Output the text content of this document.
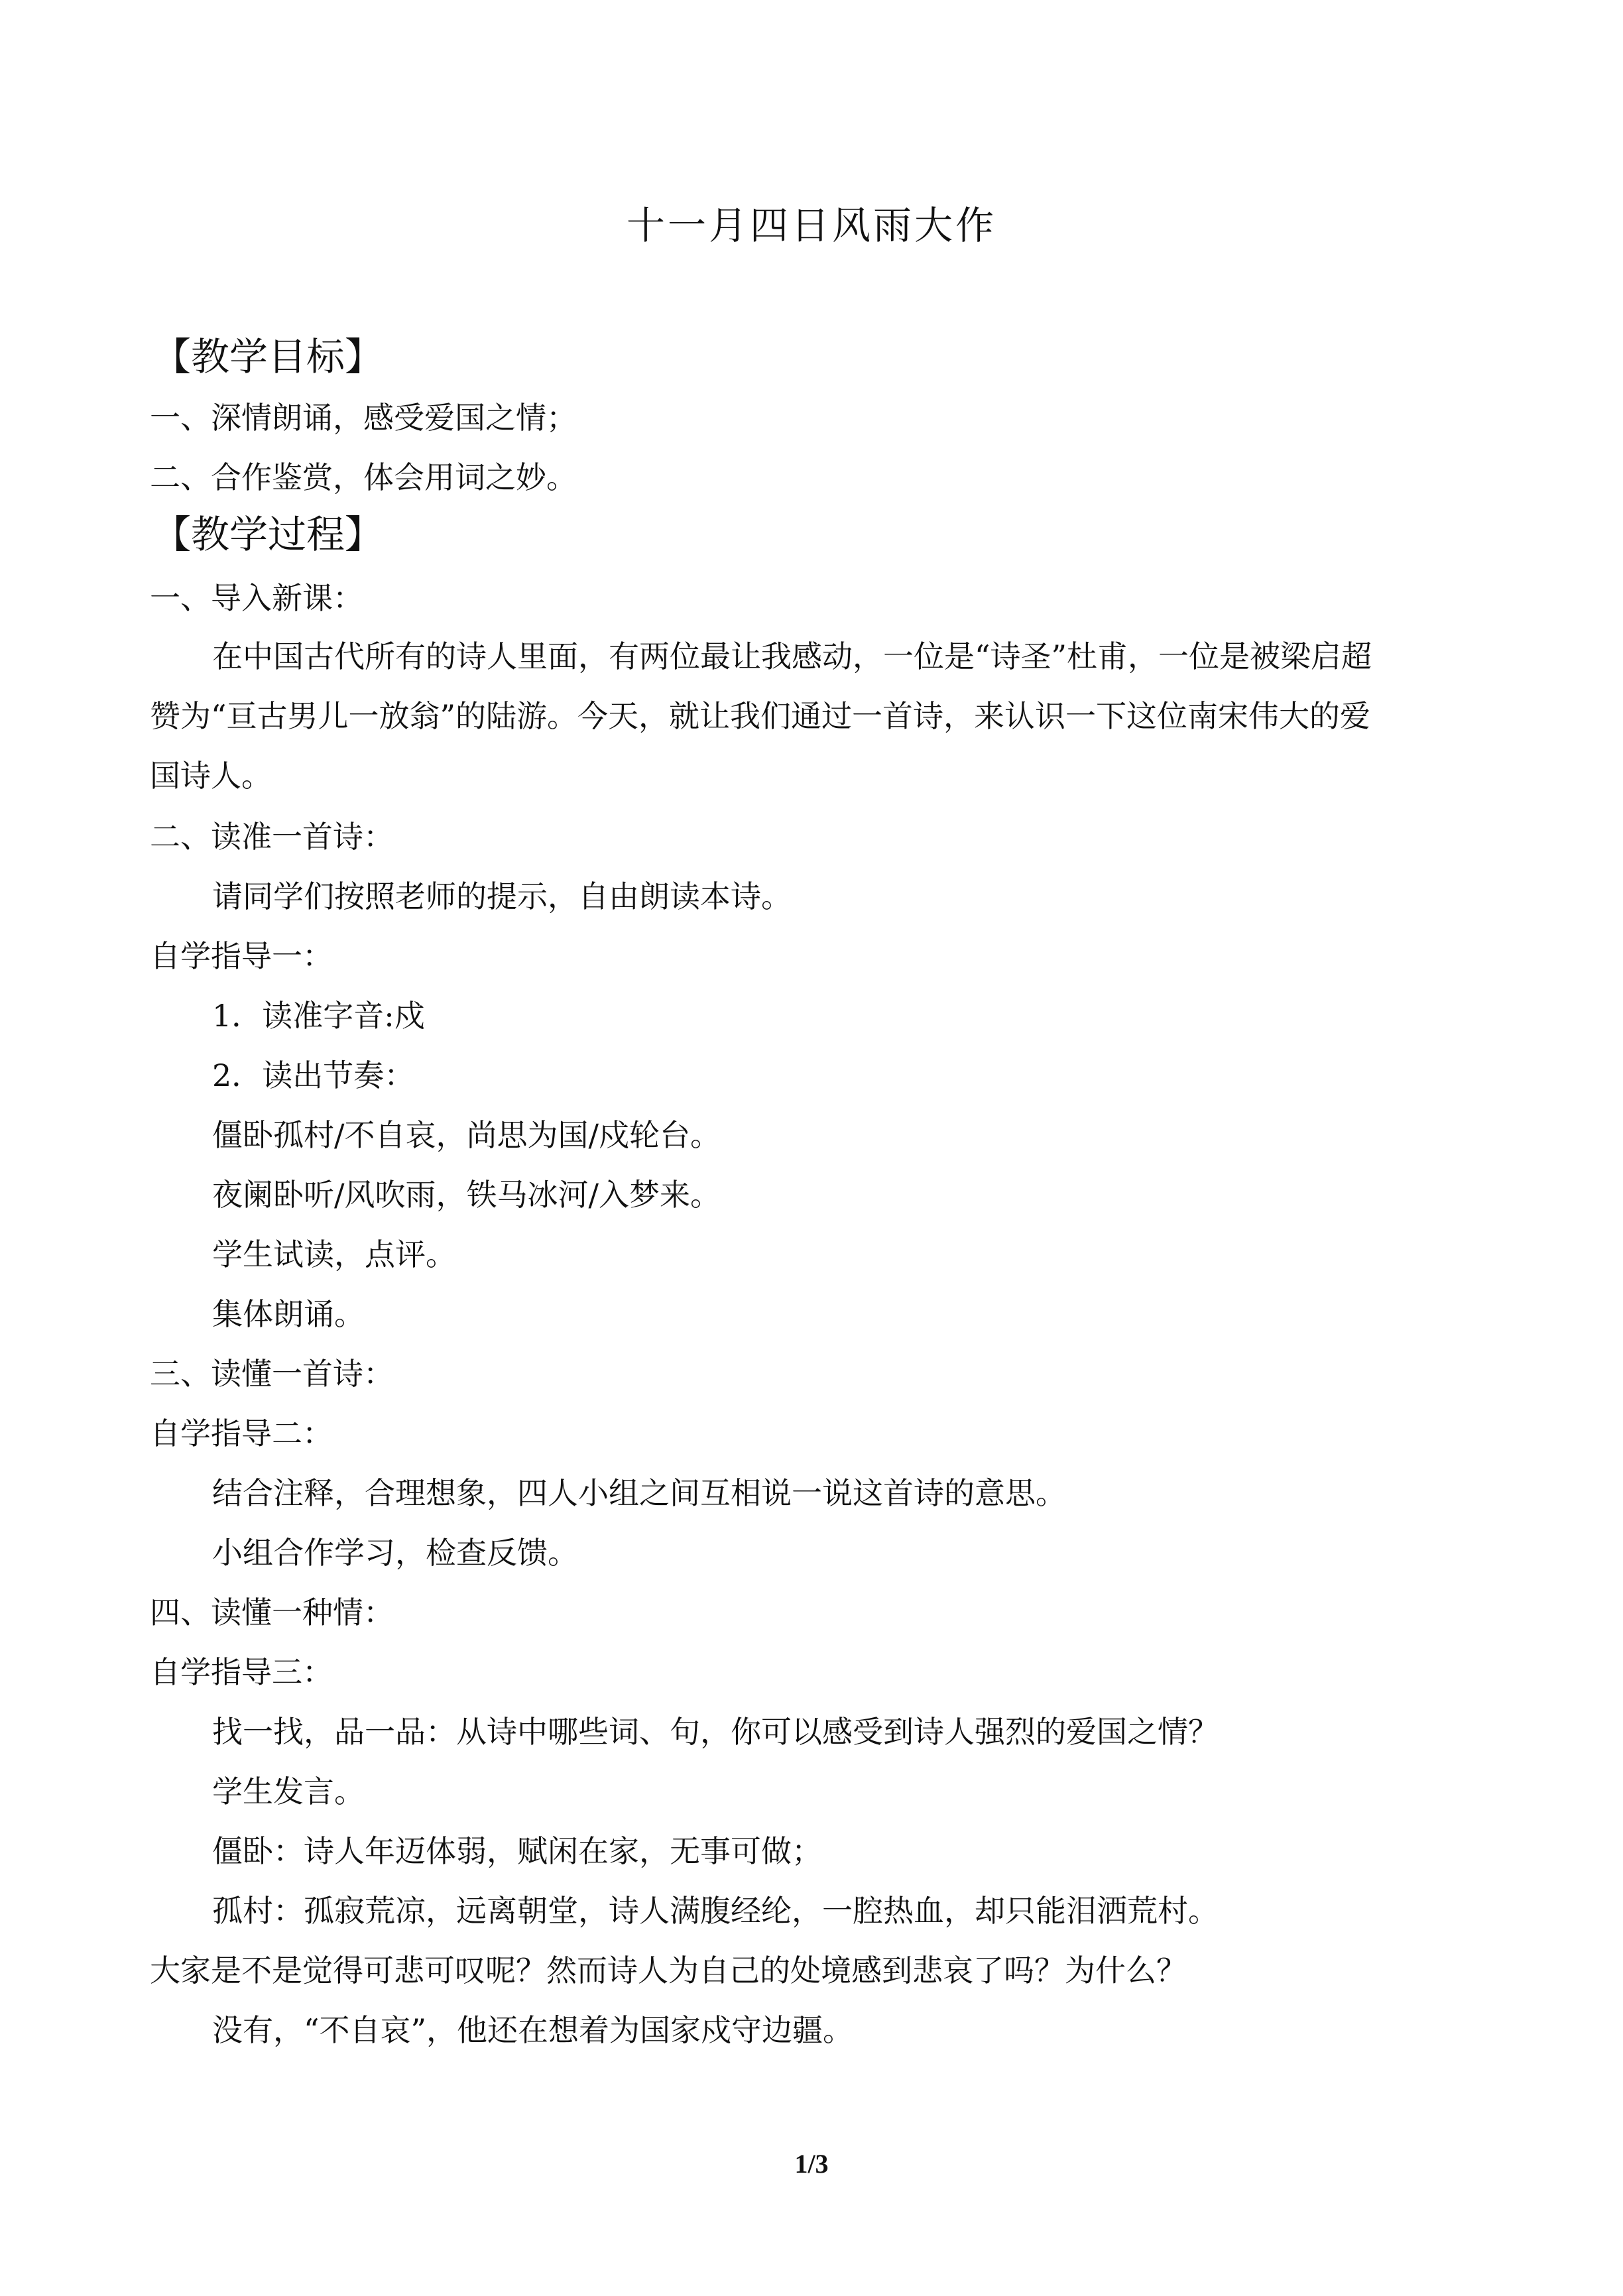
十一月四日风雨大作
【教学目标】
一、深情朗诵，感受爱国之情；
二、合作鉴赏，体会用词之妙。
【教学过程】
一、导入新课：
在中国古代所有的诗人里面，有两位最让我感动，一位是“诗圣”杜甫，一位是被梁启超
赞为“亘古男儿一放翁”的陆游。今天，就让我们通过一首诗，来认识一下这位南宋伟大的爱
国诗人。
二、读准一首诗：
请同学们按照老师的提示，自由朗读本诗。
自学指导一：
1．读准字音:戍
2．读出节奏：
僵卧孤村/不自哀，尚思为国/戍轮台。
夜阑卧听/风吹雨，铁马冰河/入梦来。
学生试读，点评。
集体朗诵。
三、读懂一首诗：
自学指导二：
结合注释，合理想象，四人小组之间互相说一说这首诗的意思。
小组合作学习，检查反馈。
四、读懂一种情：
自学指导三：
找一找，品一品：从诗中哪些词、句，你可以感受到诗人强烈的爱国之情？
学生发言。
僵卧：诗人年迈体弱，赋闲在家，无事可做；
孤村：孤寂荒凉，远离朝堂，诗人满腹经纶，一腔热血，却只能泪洒荒村。
大家是不是觉得可悲可叹呢？然而诗人为自己的处境感到悲哀了吗？为什么？
没有，“不自哀”，他还在想着为国家戍守边疆。
1/3
